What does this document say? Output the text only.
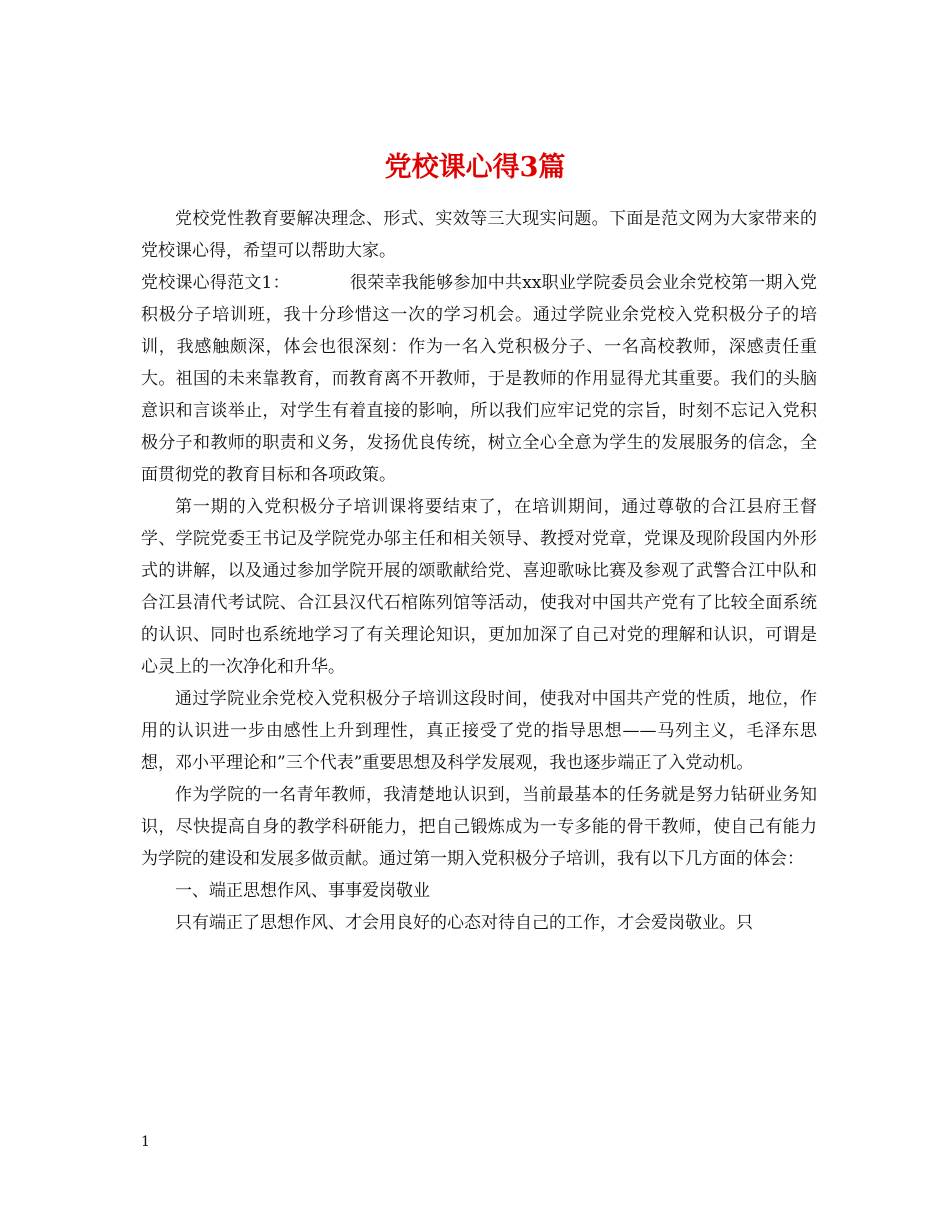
党校课心得3篇

党校党性教育要解决理念、形式、实效等三大现实问题。下面是范文网为大家带来的党校课心得，希望可以帮助大家。

党校课心得范文1：	很荣幸我能够参加中共xx职业学院委员会业余党校第一期入党积极分子培训班，我十分珍惜这一次的学习机会。通过学院业余党校入党积极分子的培训，我感触颇深，体会也很深刻：作为一名入党积极分子、一名高校教师，深感责任重大。祖国的未来靠教育，而教育离不开教师，于是教师的作用显得尤其重要。我们的头脑意识和言谈举止，对学生有着直接的影响，所以我们应牢记党的宗旨，时刻不忘记入党积极分子和教师的职责和义务，发扬优良传统，树立全心全意为学生的发展服务的信念，全面贯彻党的教育目标和各项政策。

第一期的入党积极分子培训课将要结束了，在培训期间，通过尊敬的合江县府王督学、学院党委王书记及学院党办邬主任和相关领导、教授对党章，党课及现阶段国内外形式的讲解，以及通过参加学院开展的颂歌献给党、喜迎歌咏比赛及参观了武警合江中队和合江县清代考试院、合江县汉代石棺陈列馆等活动，使我对中国共产党有了比较全面系统的认识、同时也系统地学习了有关理论知识，更加加深了自己对党的理解和认识，可谓是心灵上的一次净化和升华。

通过学院业余党校入党积极分子培训这段时间，使我对中国共产党的性质，地位，作用的认识进一步由感性上升到理性，真正接受了党的指导思想——马列主义，毛泽东思想，邓小平理论和”三个代表”重要思想及科学发展观，我也逐步端正了入党动机。

作为学院的一名青年教师，我清楚地认识到，当前最基本的任务就是努力钻研业务知识，尽快提高自身的教学科研能力，把自己锻炼成为一专多能的骨干教师，使自己有能力为学院的建设和发展多做贡献。通过第一期入党积极分子培训，我有以下几方面的体会：

一、端正思想作风、事事爱岗敬业

只有端正了思想作风、才会用良好的心态对待自己的工作，才会爱岗敬业。只

1
